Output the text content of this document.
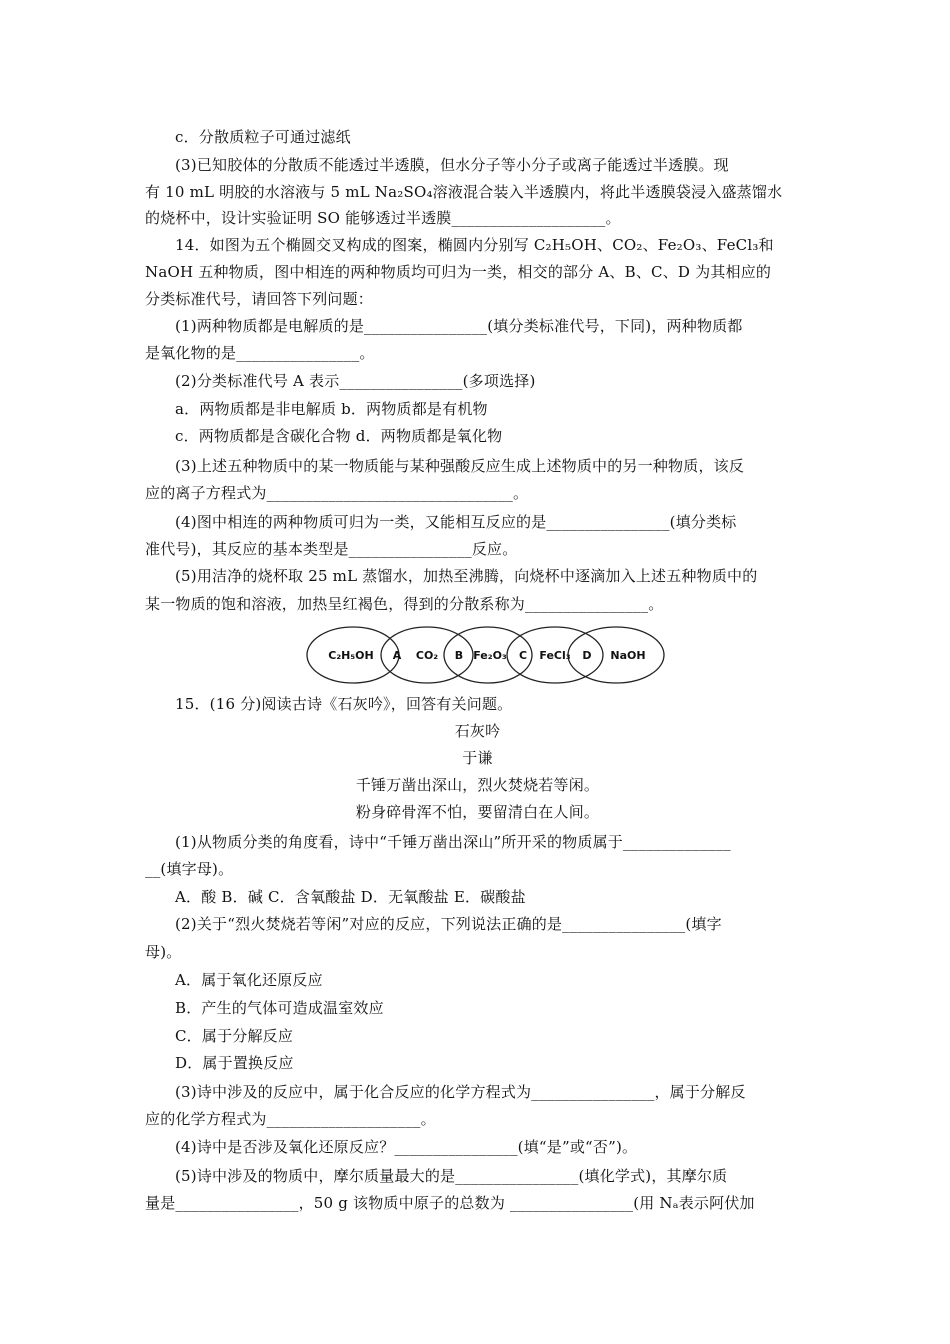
c．分散质粒子可通过滤纸
(3)已知胶体的分散质不能透过半透膜，但水分子等小分子或离子能透过半透膜。现
有 10 mL 明胶的水溶液与 5 mL Na₂SO₄溶液混合装入半透膜内，将此半透膜袋浸入盛蒸馏水
的烧杯中，设计实验证明 SO 能够透过半透膜____________________。
14．如图为五个椭圆交叉构成的图案，椭圆内分别写 C₂H₅OH、CO₂、Fe₂O₃、FeCl₃和
NaOH 五种物质，图中相连的两种物质均可归为一类，相交的部分 A、B、C、D 为其相应的
分类标准代号，请回答下列问题：
(1)两种物质都是电解质的是________________(填分类标准代号，下同)，两种物质都
是氧化物的是________________。
(2)分类标准代号 A 表示________________(多项选择)
a．两物质都是非电解质 b．两物质都是有机物
c．两物质都是含碳化合物 d．两物质都是氧化物
(3)上述五种物质中的某一物质能与某种强酸反应生成上述物质中的另一种物质，该反
应的离子方程式为________________________________。
(4)图中相连的两种物质可归为一类，又能相互反应的是________________(填分类标
准代号)，其反应的基本类型是________________反应。
(5)用洁净的烧杯取 25 mL 蒸馏水，加热至沸腾，向烧杯中逐滴加入上述五种物质中的
某一物质的饱和溶液，加热呈红褐色，得到的分散系称为________________。
C₂H₅OH A CO₂ B Fe₂O₃ C FeCl₃ D NaOH
15．(16 分)阅读古诗《石灰吟》，回答有关问题。
石灰吟
于谦
千锤万凿出深山，烈火焚烧若等闲。
粉身碎骨浑不怕，要留清白在人间。
(1)从物质分类的角度看，诗中“千锤万凿出深山”所开采的物质属于______________
__(填字母)。
A．酸 B．碱 C．含氧酸盐 D．无氧酸盐 E．碳酸盐
(2)关于“烈火焚烧若等闲”对应的反应，下列说法正确的是________________(填字
母)。
A．属于氧化还原反应
B．产生的气体可造成温室效应
C．属于分解反应
D．属于置换反应
(3)诗中涉及的反应中，属于化合反应的化学方程式为________________，属于分解反
应的化学方程式为____________________。
(4)诗中是否涉及氧化还原反应？________________(填“是”或“否”)。
(5)诗中涉及的物质中，摩尔质量最大的是________________(填化学式)，其摩尔质
量是________________，50 g 该物质中原子的总数为 ________________(用 Nₐ表示阿伏加
